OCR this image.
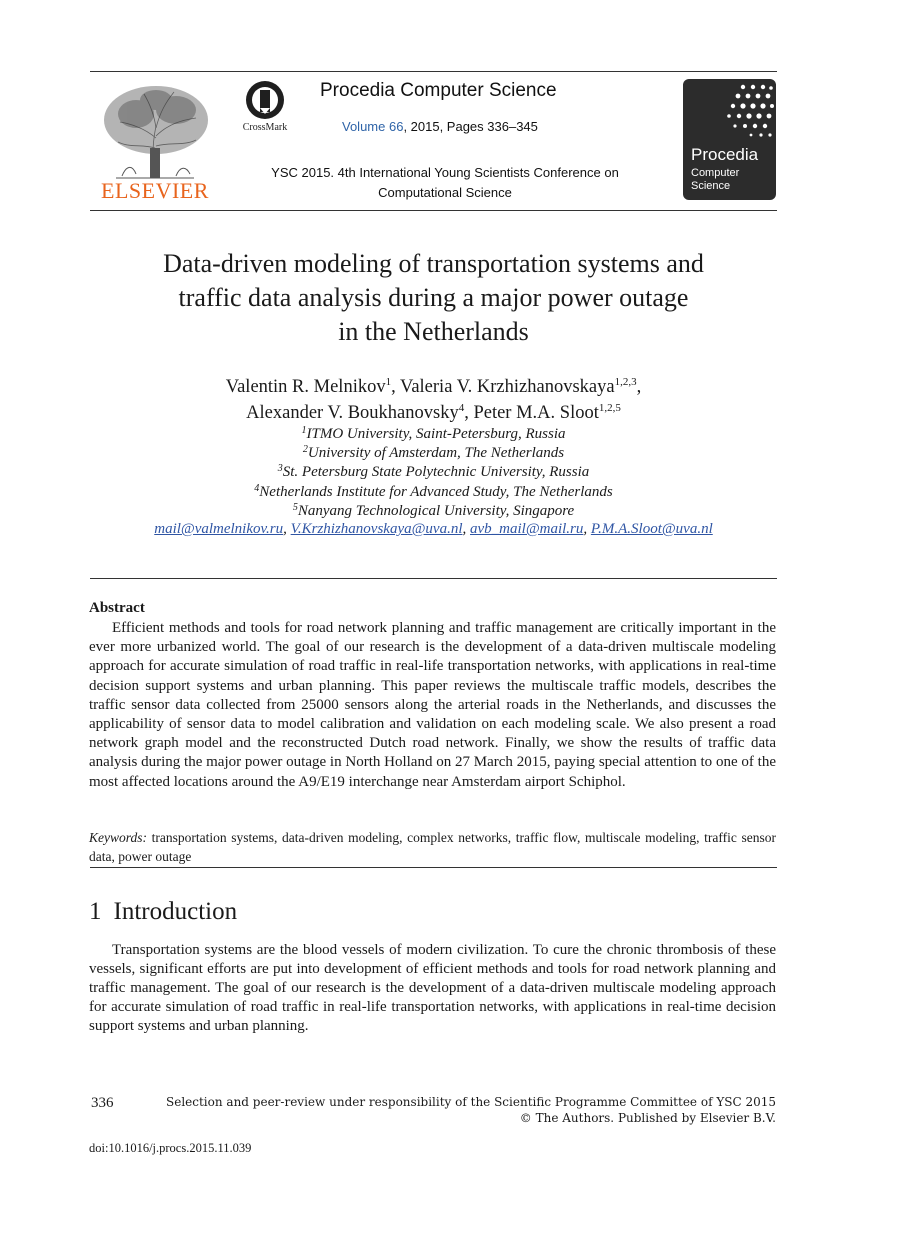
ELSEVIER
CrossMark
Procedia Computer Science
Volume 66, 2015, Pages 336–345
YSC 2015. 4th International Young Scientists Conference on
Computational Science
Procedia
Computer
Science
Data-driven modeling of transportation systems and
traffic data analysis during a major power outage
in the Netherlands
Valentin R. Melnikov$^1$, Valeria V. Krzhizhanovskaya$^{1,2,3}$,
Alexander V. Boukhanovsky$^4$, Peter M.A. Sloot$^{1,2,5}$
$^1$ITMO University, Saint-Petersburg, Russia
$^2$University of Amsterdam, The Netherlands
$^3$St. Petersburg State Polytechnic University, Russia
$^4$Netherlands Institute for Advanced Study, The Netherlands
$^5$Nanyang Technological University, Singapore
mail@valmelnikov.ru, V.Krzhizhanovskaya@uva.nl, avb_mail@mail.ru, P.M.A.Sloot@uva.nl
Abstract
Efficient methods and tools for road network planning and traffic management are critically important in the ever more urbanized world. The goal of our research is the development of a data-driven multiscale modeling approach for accurate simulation of road traffic in real-life transportation networks, with applications in real-time decision support systems and urban planning. This paper reviews the multiscale traffic models, describes the traffic sensor data collected from 25000 sensors along the arterial roads in the Netherlands, and discusses the applicability of sensor data to model calibration and validation on each modeling scale. We also present a road network graph model and the reconstructed Dutch road network. Finally, we show the results of traffic data analysis during the major power outage in North Holland on 27 March 2015, paying special attention to one of the most affected locations around the A9/E19 interchange near Amsterdam airport Schiphol.
Keywords: transportation systems, data-driven modeling, complex networks, traffic flow, multiscale modeling, traffic sensor data, power outage
1 Introduction
Transportation systems are the blood vessels of modern civilization. To cure the chronic thrombosis of these vessels, significant efforts are put into development of efficient methods and tools for road network planning and traffic management. The goal of our research is the development of a data-driven multiscale modeling approach for accurate simulation of road traffic in real-life transportation networks, with applications in real-time decision support systems and urban planning.
336	Selection and peer-review under responsibility of the Scientific Programme Committee of YSC 2015
© The Authors. Published by Elsevier B.V.
doi:10.1016/j.procs.2015.11.039
